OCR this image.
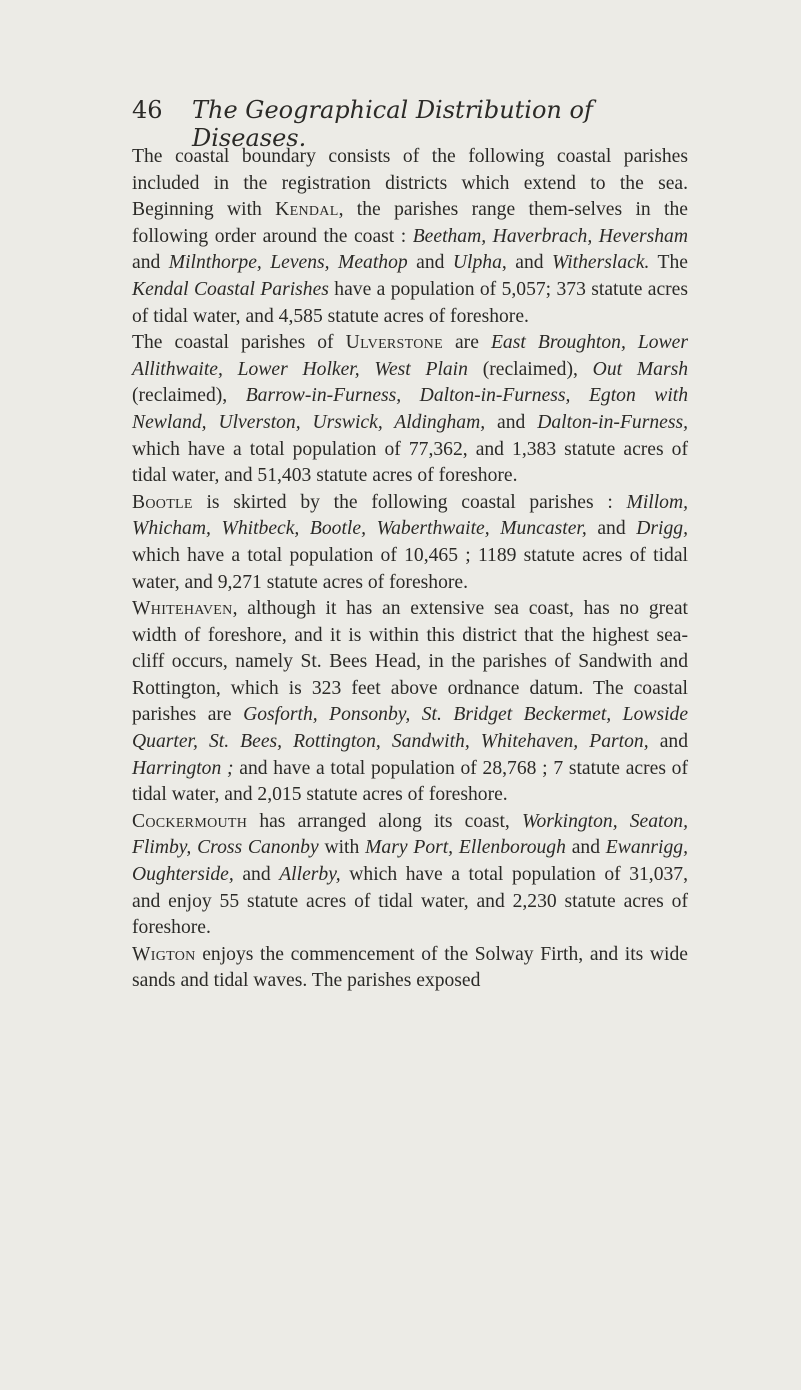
46 The Geographical Distribution of Diseases.

The coastal boundary consists of the following coastal parishes included in the registration districts which extend to the sea. Beginning with Kendal, the parishes range them-selves in the following order around the coast : Beetham, Haverbrach, Heversham and Milnthorpe, Levens, Meathop and Ulpha, and Witherslack. The Kendal Coastal Parishes have a population of 5,057; 373 statute acres of tidal water, and 4,585 statute acres of foreshore.

The coastal parishes of Ulverstone are East Broughton, Lower Allithwaite, Lower Holker, West Plain (reclaimed), Out Marsh (reclaimed), Barrow-in-Furness, Dalton-in-Furness, Egton with Newland, Ulverston, Urswick, Aldingham, and Dalton-in-Furness, which have a total population of 77,362, and 1,383 statute acres of tidal water, and 51,403 statute acres of foreshore.

Bootle is skirted by the following coastal parishes : Millom, Whicham, Whitbeck, Bootle, Waberthwaite, Muncaster, and Drigg, which have a total population of 10,465 ; 1189 statute acres of tidal water, and 9,271 statute acres of foreshore.

Whitehaven, although it has an extensive sea coast, has no great width of foreshore, and it is within this district that the highest sea-cliff occurs, namely St. Bees Head, in the parishes of Sandwith and Rottington, which is 323 feet above ordnance datum. The coastal parishes are Gosforth, Ponsonby, St. Bridget Beckermet, Lowside Quarter, St. Bees, Rottington, Sandwith, Whitehaven, Parton, and Harrington ; and have a total population of 28,768 ; 7 statute acres of tidal water, and 2,015 statute acres of foreshore.

Cockermouth has arranged along its coast, Workington, Seaton, Flimby, Cross Canonby with Mary Port, Ellenborough and Ewanrigg, Oughterside, and Allerby, which have a total population of 31,037, and enjoy 55 statute acres of tidal water, and 2,230 statute acres of foreshore.

Wigton enjoys the commencement of the Solway Firth, and its wide sands and tidal waves. The parishes exposed
